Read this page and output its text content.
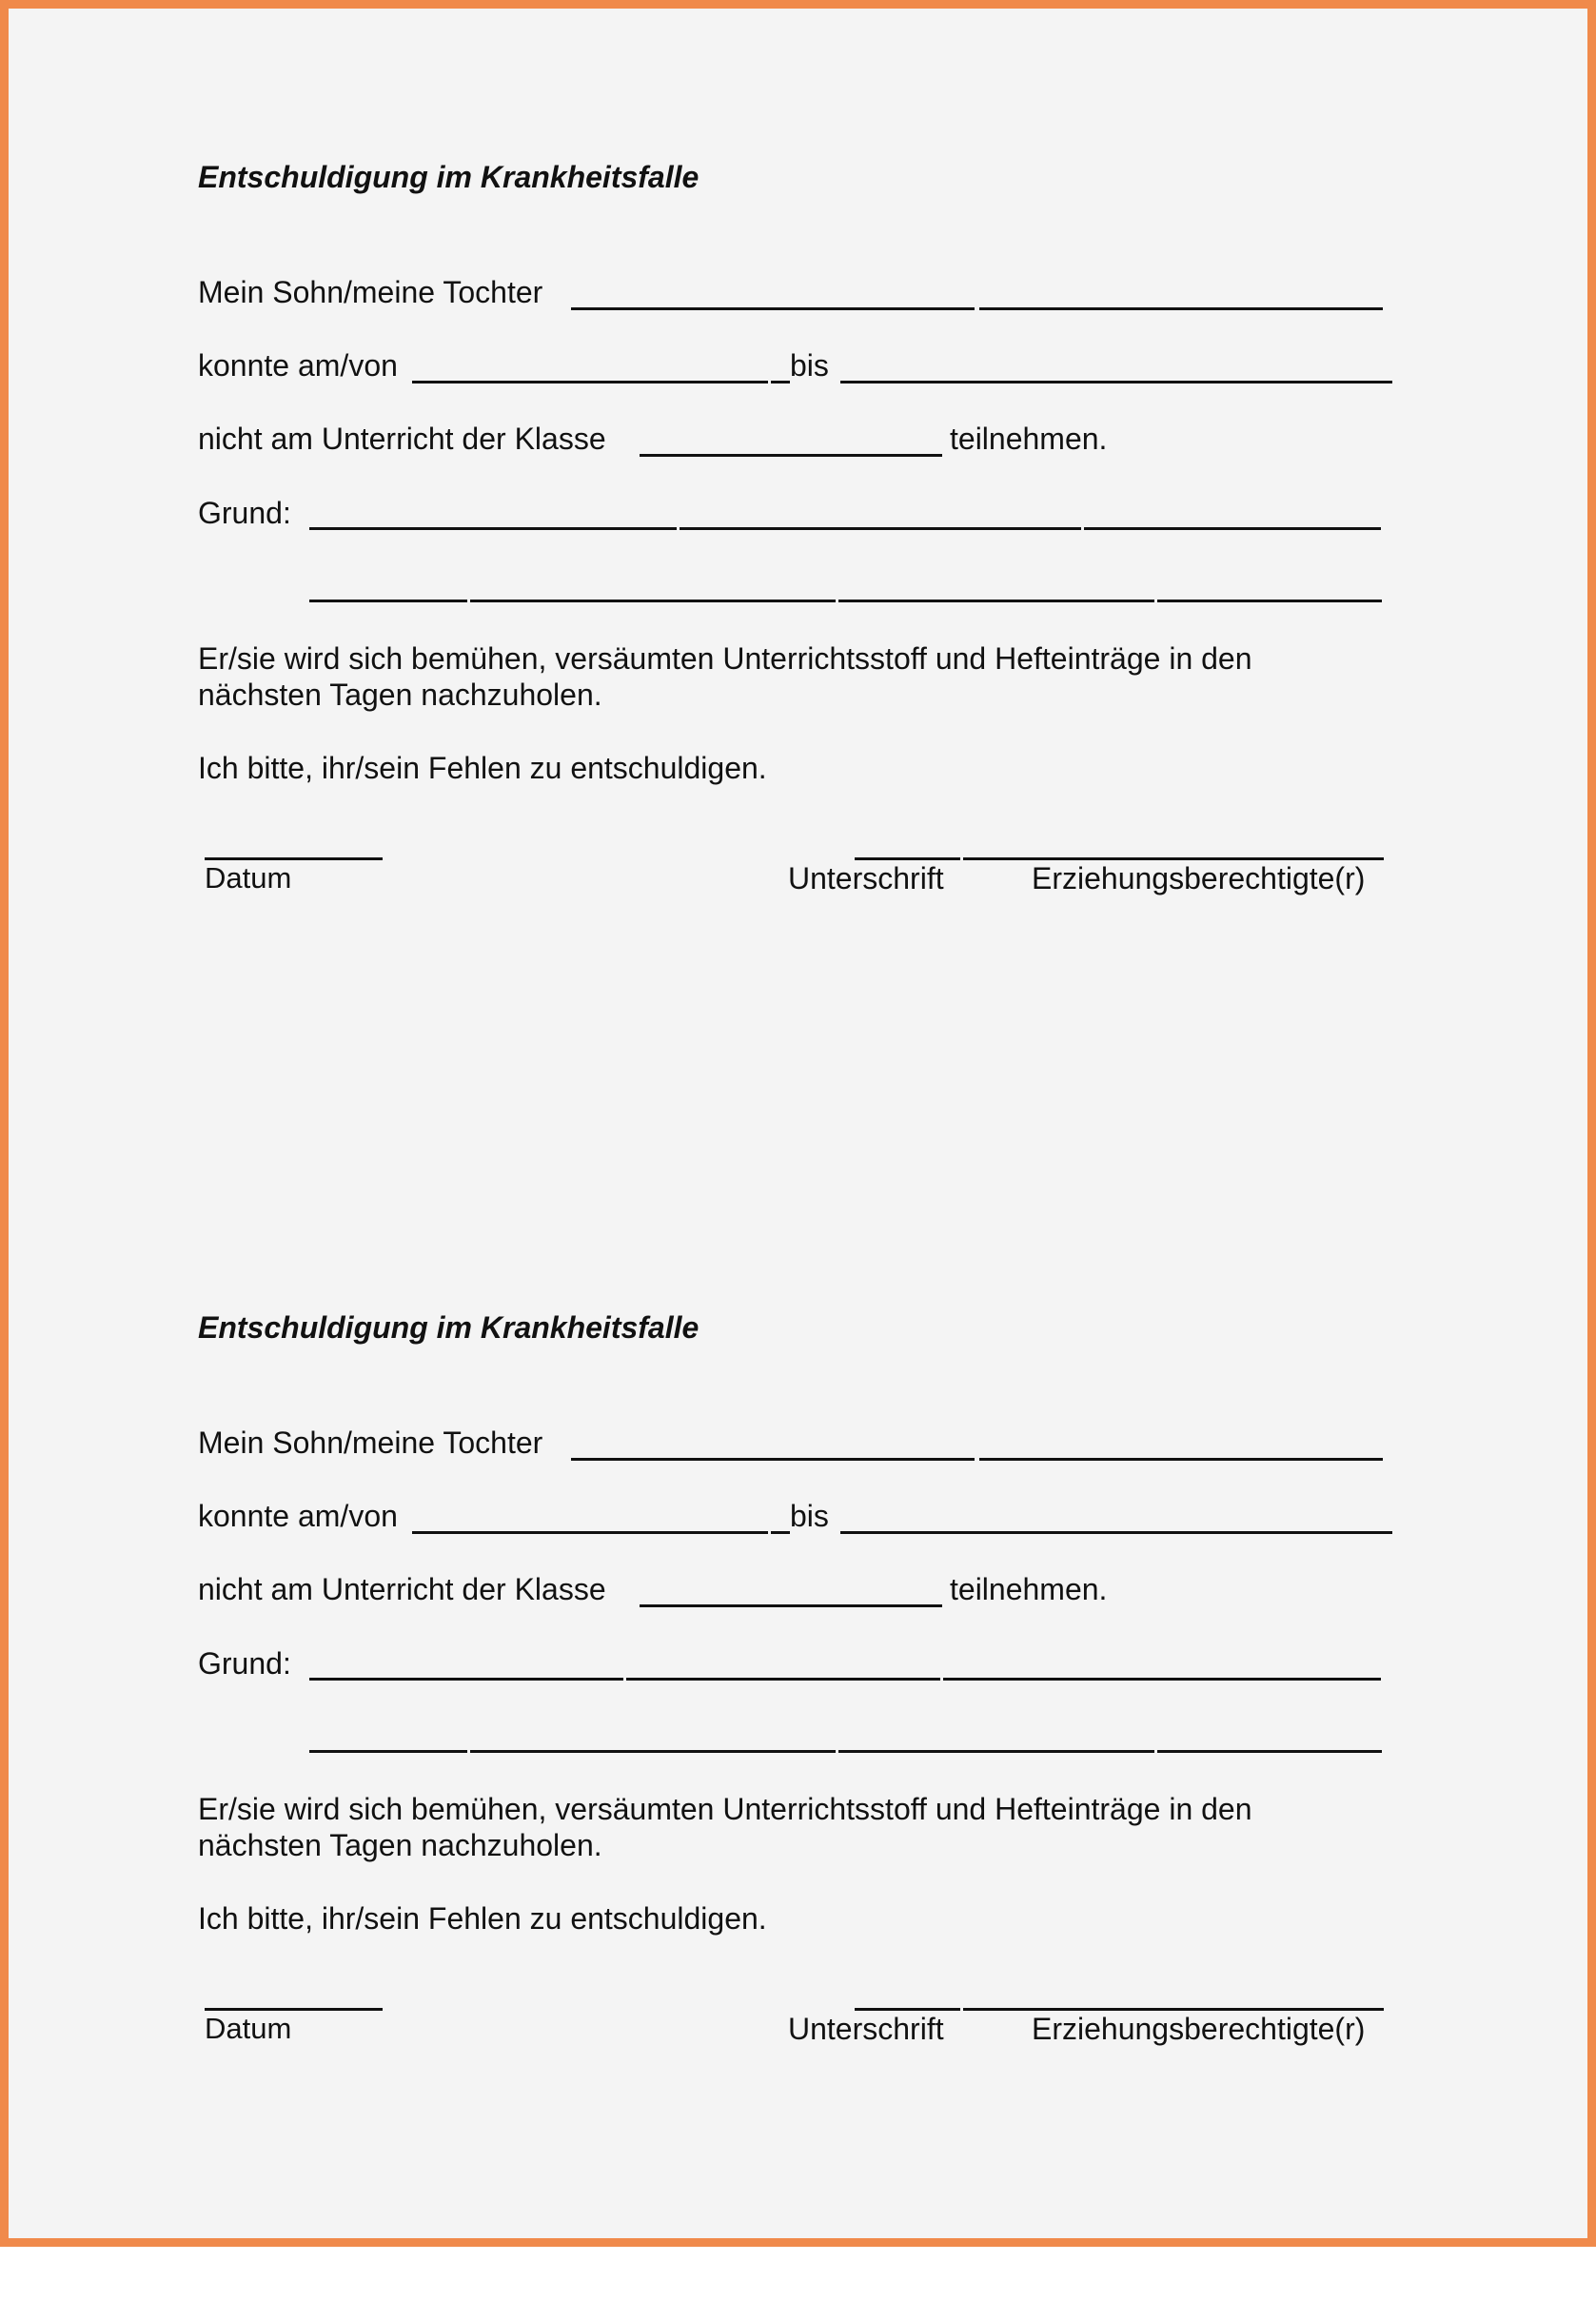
Entschuldigung im Krankheitsfalle

Mein Sohn/meine Tochter

konnte am/von	bis

nicht am Unterricht der Klasse	teilnehmen.

Grund:

Er/sie wird sich bemühen, versäumten Unterrichtsstoff und Hefteinträge in den

nächsten Tagen nachzuholen.

Ich bitte, ihr/sein Fehlen zu entschuldigen.

Datum	Unterschrift	Erziehungsberechtigte(r)

Entschuldigung im Krankheitsfalle

Mein Sohn/meine Tochter

konnte am/von	bis

nicht am Unterricht der Klasse	teilnehmen.

Grund:

Er/sie wird sich bemühen, versäumten Unterrichtsstoff und Hefteinträge in den

nächsten Tagen nachzuholen.

Ich bitte, ihr/sein Fehlen zu entschuldigen.

Datum	Unterschrift	Erziehungsberechtigte(r)
